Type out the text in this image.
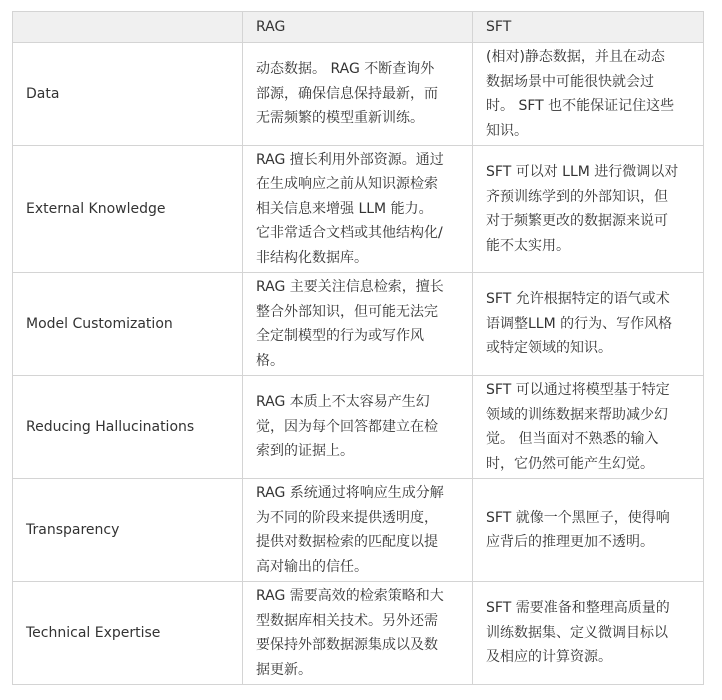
	RAG	SFT
Data	动态数据。 RAG 不断查询外
部源，确保信息保持最新，而
无需频繁的模型重新训练。	(相对)静态数据，并且在动态
数据场景中可能很快就会过
时。 SFT 也不能保证记住这些
知识。

External Knowledge	RAG 擅长利用外部资源。通过
在生成响应之前从知识源检索
相关信息来增强 LLM 能力。
它非常适合文档或其他结构化/
非结构化数据库。	SFT 可以对 LLM 进行微调以对
齐预训练学到的外部知识，但
对于频繁更改的数据源来说可
能不太实用。

Model Customization	RAG 主要关注信息检索，擅长
整合外部知识，但可能无法完
全定制模型的行为或写作风
格。	SFT 允许根据特定的语气或术
语调整LLM 的行为、写作风格
或特定领域的知识。

Reducing Hallucinations	RAG 本质上不太容易产生幻
觉，因为每个回答都建立在检
索到的证据上。	SFT 可以通过将模型基于特定
领域的训练数据来帮助减少幻
觉。 但当面对不熟悉的输入
时，它仍然可能产生幻觉。

Transparency	RAG 系统通过将响应生成分解
为不同的阶段来提供透明度，
提供对数据检索的匹配度以提
高对输出的信任。	SFT 就像一个黑匣子，使得响
应背后的推理更加不透明。

Technical Expertise	RAG 需要高效的检索策略和大
型数据库相关技术。另外还需
要保持外部数据源集成以及数
据更新。	SFT 需要准备和整理高质量的
训练数据集、定义微调目标以
及相应的计算资源。
